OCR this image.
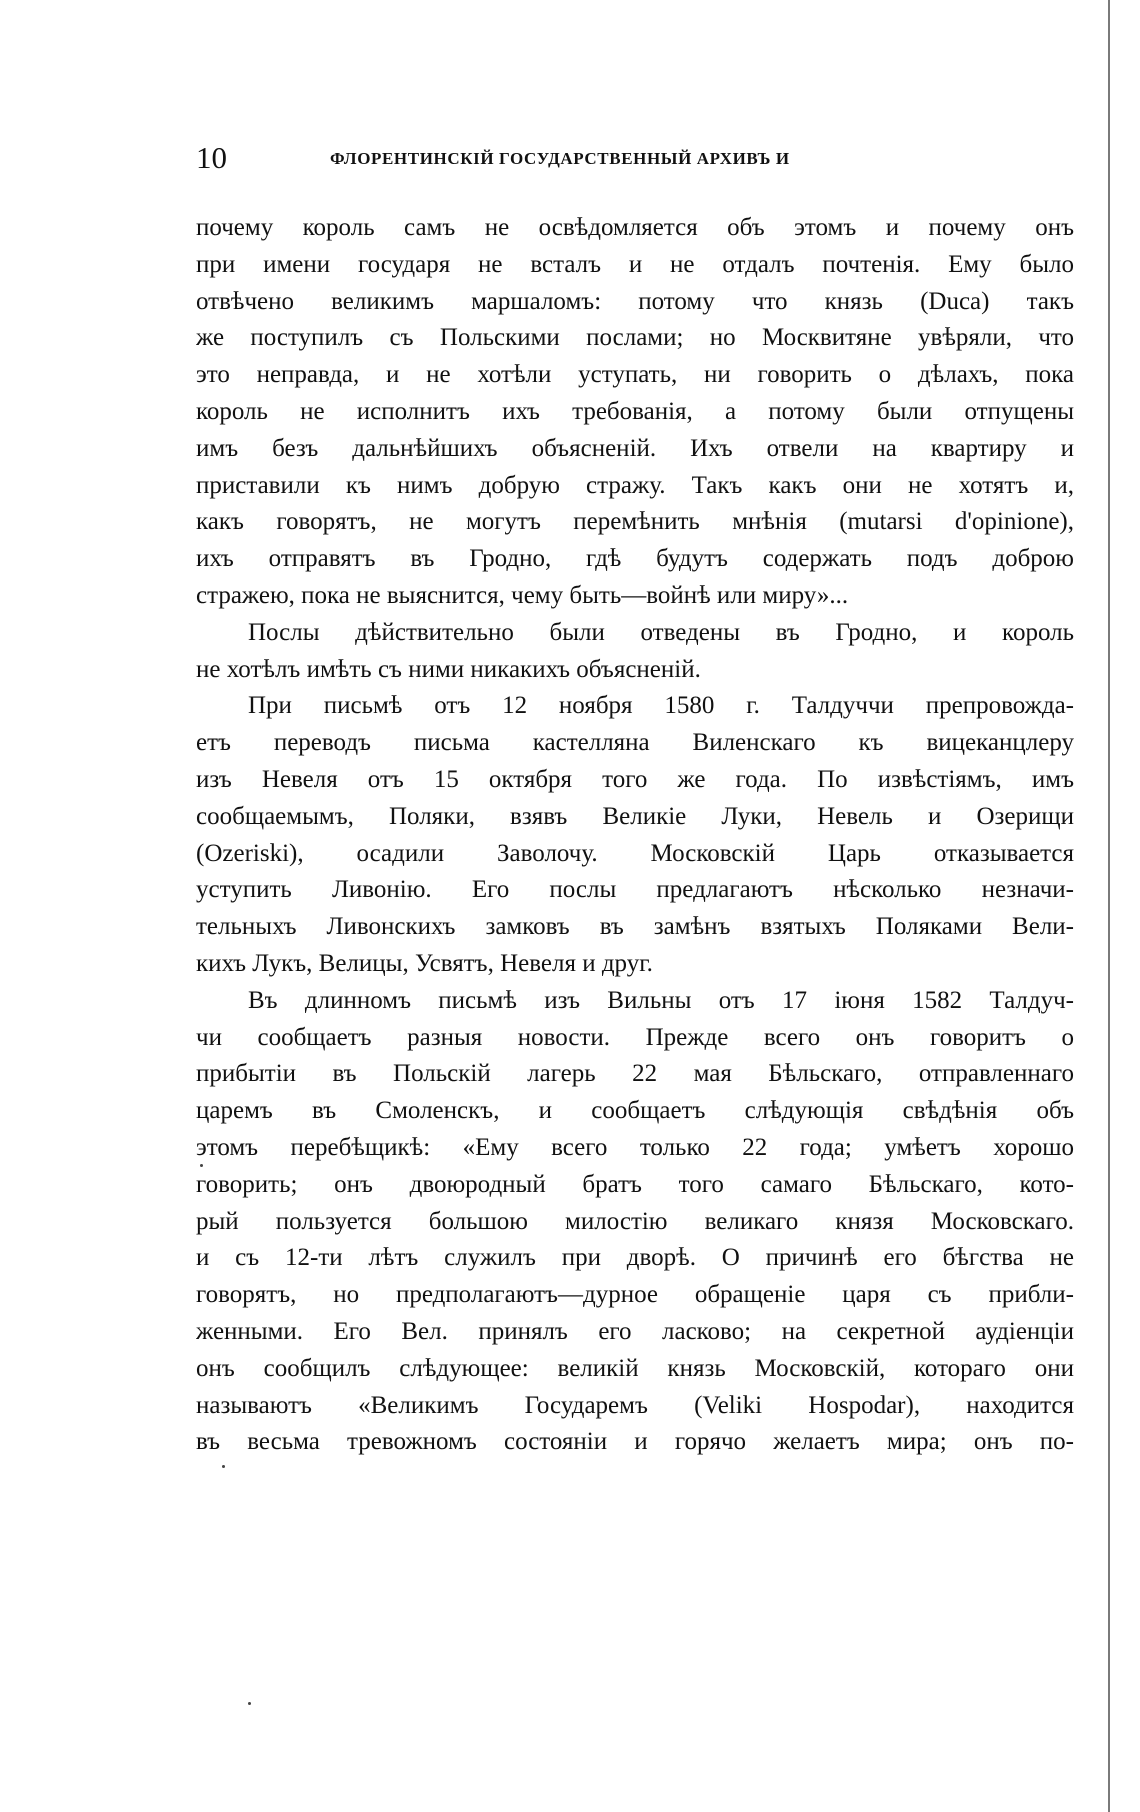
10	ФЛОРЕНТИНСКІЙ ГОСУДАРСТВЕННЫЙ АРХИВЪ И
почему король самъ не освѣдомляется объ этомъ и почему онъ
при имени государя не всталъ и не отдалъ почтенія. Ему было
отвѣчено великимъ маршаломъ: потому что князь (Duca) такъ
же поступилъ съ Польскими послами; но Москвитяне увѣряли, что
это неправда, и не хотѣли уступать, ни говорить о дѣлахъ, пока
король не исполнитъ ихъ требованія, а потому были отпущены
имъ безъ дальнѣйшихъ объясненій. Ихъ отвели на квартиру и
приставили къ нимъ добрую стражу. Такъ какъ они не хотятъ и,
какъ говорятъ, не могутъ перемѣнить мнѣнія (mutarsi d'opinione),
ихъ отправятъ въ Гродно, гдѣ будутъ содержать подъ доброю
стражею, пока не выяснится, чему быть—войнѣ или миру»...
Послы дѣйствительно были отведены въ Гродно, и король
не хотѣлъ имѣть съ ними никакихъ объясненій.
При письмѣ отъ 12 ноября 1580 г. Талдуччи препровожда-
етъ переводъ письма кастелляна Виленскаго къ вицеканцлеру
изъ Невеля отъ 15 октября того же года. По извѣстіямъ, имъ
сообщаемымъ, Поляки, взявъ Великіе Луки, Невель и Озерищи
(Ozeriski), осадили Заволочу. Московскій Царь отказывается
уступить Ливонію. Его послы предлагаютъ нѣсколько незначи-
тельныхъ Ливонскихъ замковъ въ замѣнъ взятыхъ Поляками Вели-
кихъ Лукъ, Велицы, Усвятъ, Невеля и друг.
Въ длинномъ письмѣ изъ Вильны отъ 17 іюня 1582 Талдуч-
чи сообщаетъ разныя новости. Прежде всего онъ говоритъ о
прибытіи въ Польскій лагерь 22 мая Бѣльскаго, отправленнаго
царемъ въ Смоленскъ, и сообщаетъ слѣдующія свѣдѣнія объ
этомъ перебѣщикѣ: «Ему всего только 22 года; умѣетъ хорошо
говорить; онъ двоюродный братъ того самаго Бѣльскаго, кото-
рый пользуется большою милостію великаго князя Московскаго.
и съ 12-ти лѣтъ служилъ при дворѣ. О причинѣ его бѣгства не
говорятъ, но предполагаютъ—дурное обращеніе царя съ прибли-
женными. Его Вел. принялъ его ласково; на секретной аудіенціи
онъ сообщилъ слѣдующее: великій князь Московскій, котораго они
называютъ «Великимъ Государемъ (Veliki Hospodar), находится
въ весьма тревожномъ состояніи и горячо желаетъ мира; онъ по-
